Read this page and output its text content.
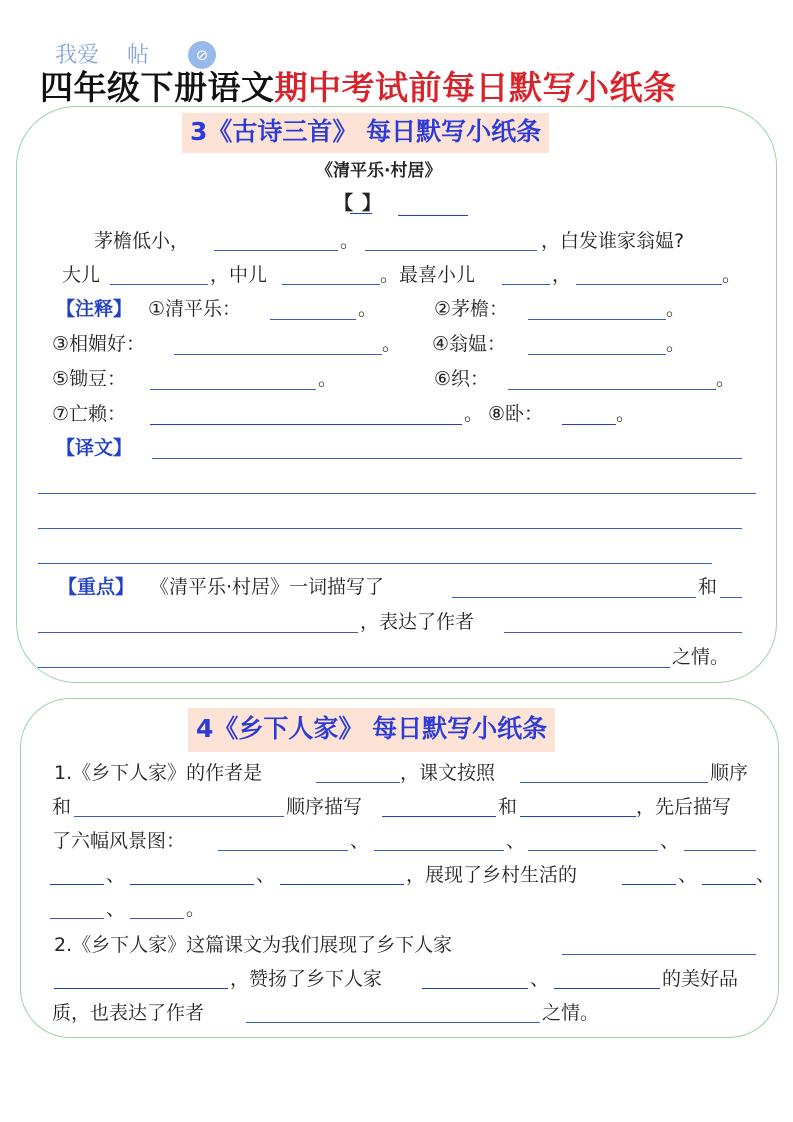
我爱 帖	⊘
四年级下册语文期中考试前每日默写小纸条
3《古诗三首》 每日默写小纸条
《清平乐·村居》
【 】
茅檐低小，	。	，白发谁家翁媪?
大儿	，中儿	。最喜小儿	，	。
【注释】 ①清平乐：	。	②茅檐：	。
③相媚好：	。 ④翁媪：	。
⑤锄豆：	。	⑥织：	。
⑦亡赖：	。 ⑧卧：	。
【译文】
【重点】 《清平乐·村居》一词描写了	和
，表达了作者
之情。
4《乡下人家》 每日默写小纸条
1.《乡下人家》的作者是	，课文按照	顺序
和	顺序描写	和	，先后描写
了六幅风景图：	、	、	、
、	、	，展现了乡村生活的	、	、
、	。
2.《乡下人家》这篇课文为我们展现了乡下人家
，赞扬了乡下人家	、	的美好品
质，也表达了作者	之情。
